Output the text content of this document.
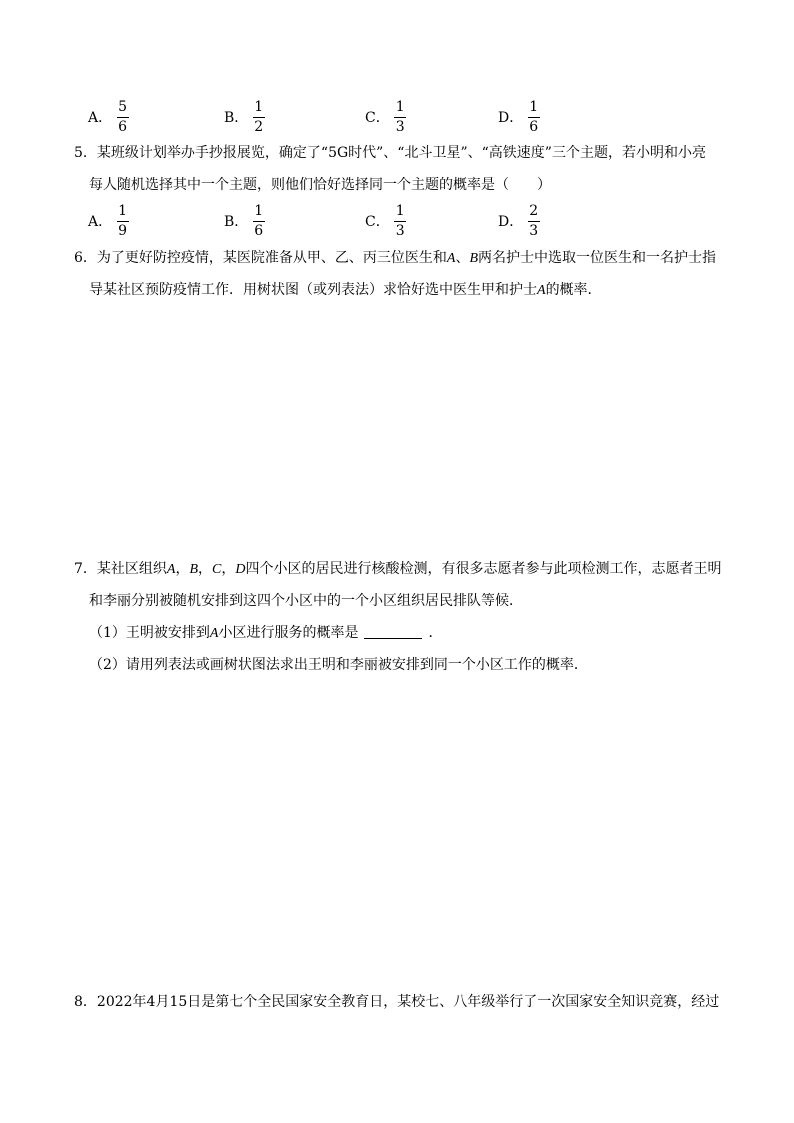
A． $\frac{5}{6}$	B． $\frac{1}{2}$	C． $\frac{1}{3}$	D． $\frac{1}{6}$
5．某班级计划举办手抄报展览，确定了“5G时代”、“北斗卫星”、“高铁速度”三个主题，若小明和小亮
每人随机选择其中一个主题，则他们恰好选择同一个主题的概率是（　　）
A． $\frac{1}{9}$	B． $\frac{1}{6}$	C． $\frac{1}{3}$	D． $\frac{2}{3}$
6．为了更好防控疫情，某医院准备从甲、乙、丙三位医生和A、B两名护士中选取一位医生和一名护士指
导某社区预防疫情工作．用树状图（或列表法）求恰好选中医生甲和护士A的概率．
7．某社区组织A，B，C，D四个小区的居民进行核酸检测，有很多志愿者参与此项检测工作，志愿者王明
和李丽分别被随机安排到这四个小区中的一个小区组织居民排队等候．
（1）王明被安排到A小区进行服务的概率是	．
（2）请用列表法或画树状图法求出王明和李丽被安排到同一个小区工作的概率．
8．2022年4月15日是第七个全民国家安全教育日，某校七、八年级举行了一次国家安全知识竞赛，经过
